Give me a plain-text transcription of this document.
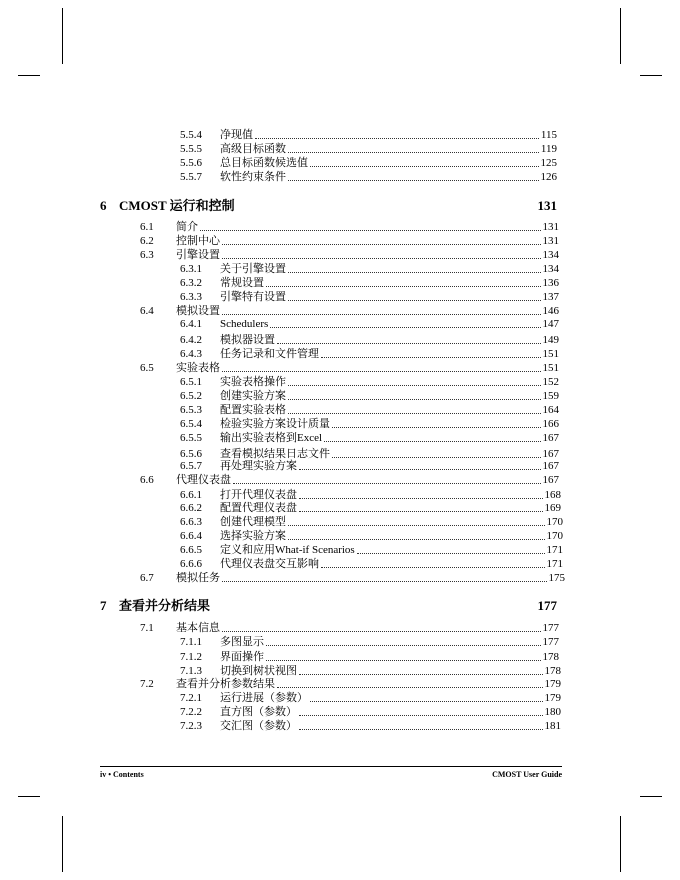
6 CMOST 运行和控制	131
7 查看并分析结果	177
5.5.4	净现值	115
5.5.5	高级目标函数	119
5.5.6	总目标函数候选值	125
5.5.7	软性约束条件	126
6.1	简介	131
6.2	控制中心	131
6.3	引擎设置	134
6.3.1	关于引擎设置	134
6.3.2	常规设置	136
6.3.3	引擎特有设置	137
6.4	模拟设置	146
6.4.1	Schedulers	147
6.4.2	模拟器设置	149
6.4.3	任务记录和文件管理	151
6.5	实验表格	151
6.5.1	实验表格操作	152
6.5.2	创建实验方案	159
6.5.3	配置实验表格	164
6.5.4	检验实验方案设计质量	166
6.5.5	输出实验表格到Excel	167
6.5.6	查看模拟结果日志文件	167
6.5.7	再处理实验方案	167
6.6	代理仪表盘	167
6.6.1	打开代理仪表盘	168
6.6.2	配置代理仪表盘	169
6.6.3	创建代理模型	170
6.6.4	选择实验方案	170
6.6.5	定义和应用What-if Scenarios	171
6.6.6	代理仪表盘交互影响	171
6.7	模拟任务	175
7.1	基本信息	177
7.1.1	多图显示	177
7.1.2	界面操作	178
7.1.3	切换到树状视图	178
7.2	查看并分析参数结果	179
7.2.1	运行进展（参数）	179
7.2.2	直方图（参数）	180
7.2.3	交汇图（参数）	181
iv • Contents	CMOST User Guide
